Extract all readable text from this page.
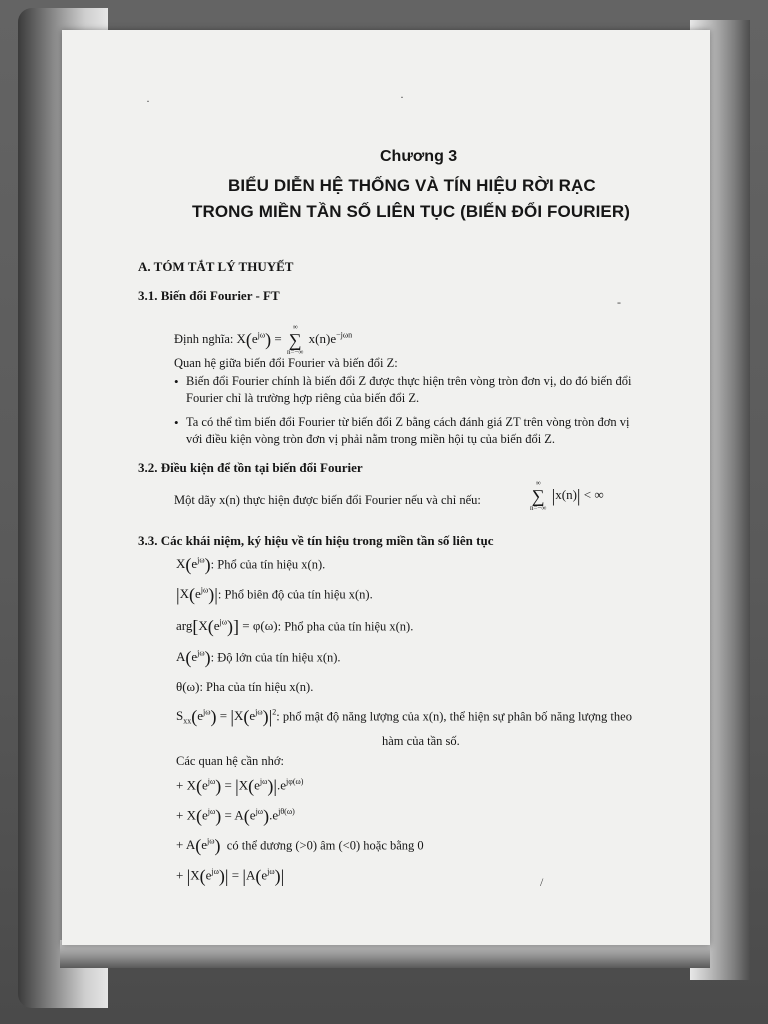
Chương 3
BIỂU DIỄN HỆ THỐNG VÀ TÍN HIỆU RỜI RẠC
TRONG MIỀN TẦN SỐ LIÊN TỤC (BIẾN ĐỔI FOURIER)
A. TÓM TẮT LÝ THUYẾT
3.1. Biến đổi Fourier - FT
Định nghĩa: $X(e^{j\omega})$ =
∞
∑
n=−∞
$x(n)e^{-j\omega n}$
Quan hệ giữa biến đổi Fourier và biến đổi Z:
• Biến đổi Fourier chính là biến đổi Z được thực hiện trên vòng tròn đơn vị, do đó biến đổi
Fourier chỉ là trường hợp riêng của biến đổi Z.
• Ta có thể tìm biến đổi Fourier từ biến đổi Z bằng cách đánh giá ZT trên vòng tròn đơn vị
với điều kiện vòng tròn đơn vị phải nằm trong miền hội tụ của biến đổi Z.
3.2. Điều kiện để tồn tại biến đổi Fourier
Một dãy x(n) thực hiện được biến đổi Fourier nếu và chỉ nếu:
∞
∑
n=−∞
|x(n)| < ∞
3.3. Các khái niệm, ký hiệu về tín hiệu trong miền tần số liên tục
$X(e^{j\omega})$: Phổ của tín hiệu x(n).
$|X(e^{j\omega})|$: Phổ biên độ của tín hiệu x(n).
$arg[X(e^{j\omega})] = \varphi(\omega)$: Phổ pha của tín hiệu x(n).
$A(e^{j\omega})$: Độ lớn của tín hiệu x(n).
θ(ω): Pha của tín hiệu x(n).
$S_{xx}(e^{j\omega}) = |X(e^{j\omega})|^2$: phổ mật độ năng lượng của x(n), thể hiện sự phân bố năng lượng theo
hàm của tần số.
Các quan hệ cần nhớ:
+ $X(e^{j\omega}) = |X(e^{j\omega})|.e^{j\varphi(\omega)}$
+ $X(e^{j\omega}) = A(e^{j\omega}).e^{j\theta(\omega)}$
+ $A(e^{j\omega})$ có thể dương (>0) âm (<0) hoặc bằng 0
+ $|X(e^{j\omega})| = |A(e^{j\omega})|$
·	·
-
/
